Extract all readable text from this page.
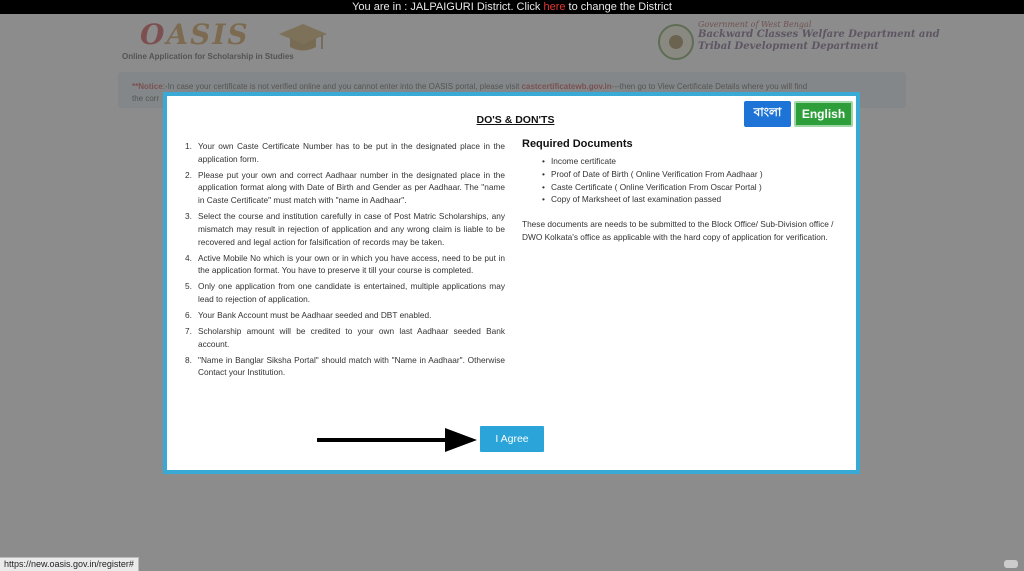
You are in : JALPAIGURI District. Click here to change the District

DO'S & DON'TS
বাংলা	English
1. Your own Caste Certificate Number has to be put in the designated place in the application form.
2. Please put your own and correct Aadhaar number in the designated place in the application format along with Date of Birth and Gender as per Aadhaar. The "name in Caste Certificate" must match with "name in Aadhaar".
3. Select the course and institution carefully in case of Post Matric Scholarships, any mismatch may result in rejection of application and any wrong claim is liable to be recovered and legal action for falsification of records may be taken.
4. Active Mobile No which is your own or in which you have access, need to be put in the application format. You have to preserve it till your course is completed.
5. Only one application from one candidate is entertained, multiple applications may lead to rejection of application.
6. Your Bank Account must be Aadhaar seeded and DBT enabled.
7. Scholarship amount will be credited to your own last Aadhaar seeded Bank account.
8. "Name in Banglar Siksha Portal" should match with "Name in Aadhaar". Otherwise Contact your Institution.
Required Documents
• Income certificate
• Proof of Date of Birth ( Online Verification From Aadhaar )
• Caste Certificate ( Online Verification From Oscar Portal )
• Copy of Marksheet of last examination passed

These documents are needs to be submitted to the Block Office/ Sub-Division office / DWO Kolkata's office as applicable with the hard copy of application for verification.

I Agree
https://new.oasis.gov.in/register#
